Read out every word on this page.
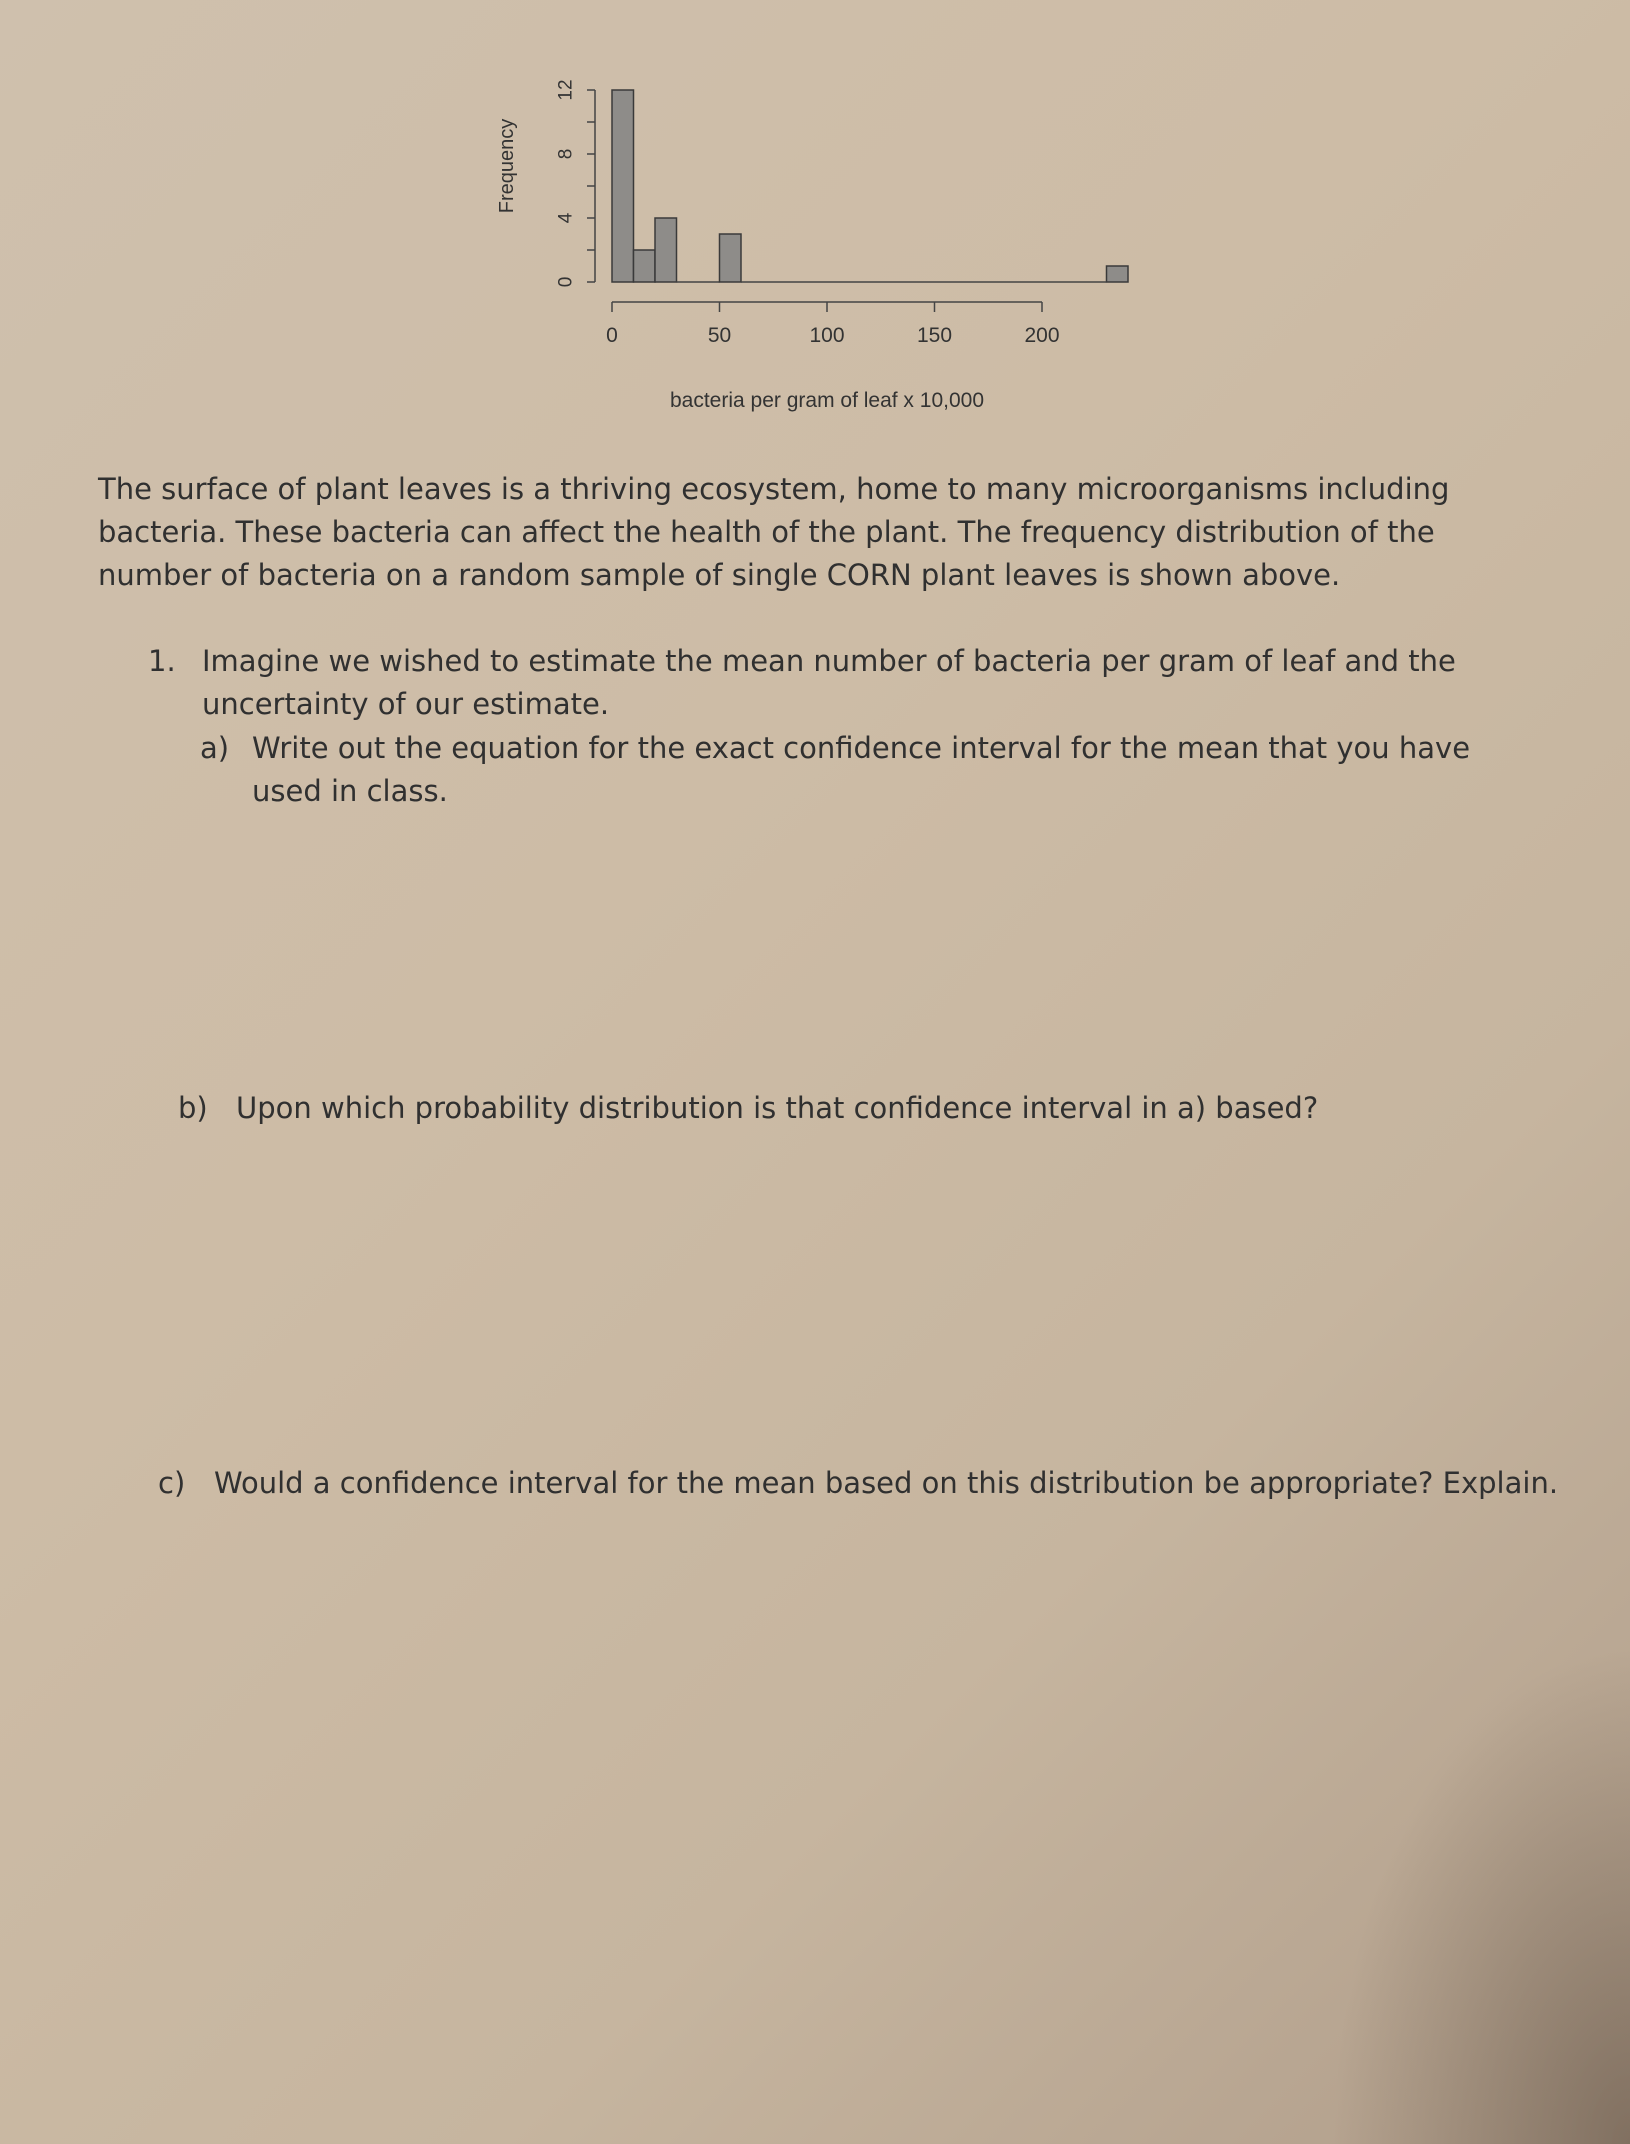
0
4
8
12
0	50	100	150	200
Frequency
bacteria per gram of leaf x 10,000

The surface of plant leaves is a thriving ecosystem, home to many microorganisms including bacteria. These bacteria can affect the health of the plant. The frequency distribution of the number of bacteria on a random sample of single CORN plant leaves is shown above.

1. Imagine we wished to estimate the mean number of bacteria per gram of leaf and the uncertainty of our estimate.

a) Write out the equation for the exact confidence interval for the mean that you have used in class.

b) Upon which probability distribution is that confidence interval in a) based?

c) Would a confidence interval for the mean based on this distribution be appropriate? Explain.
